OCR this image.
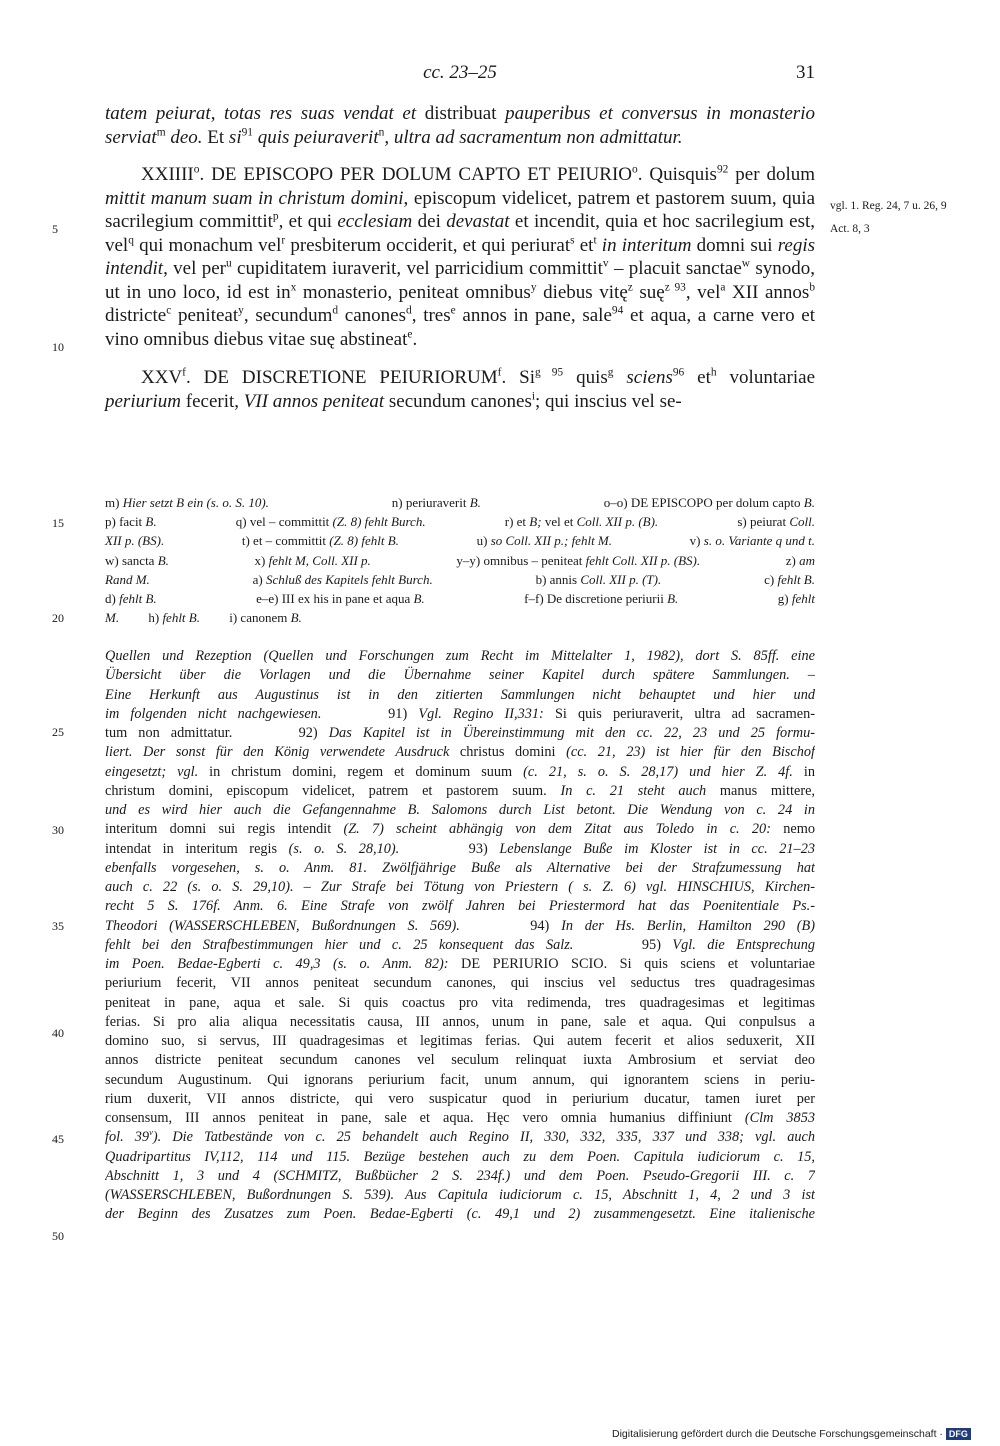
cc. 23–25	31
5
10
15
20
25
30
35
40
45
50
vgl. 1. Reg. 24, 7 u. 26, 9
Act. 8, 3

tatem peiurat, totas res suas vendat et distribuat pauperibus et conversus in monasterio serviat$^m$ deo. Et $si^{91}$ quis peiuraverit$^n$, ultra ad sacramentum non admittatur.

XXIIII$^o$. DE EPISCOPO PER DOLUM CAPTO ET PEIURIO$^o$. Quisquis$^{92}$ per dolum mittit manum suam in christum domini, episcopum videlicet, patrem et pastorem suum, quia sacrilegium committit$^p$, et qui ecclesiam dei devastat et incendit, quia et hoc sacrilegium est, vel$^q$ qui monachum vel$^r$ presbiterum occiderit, et qui periurat$^s$ $et^t$ in interitum domni sui regis intendit, vel per$^u$ cupiditatem iuraverit, vel parricidium committit$^v$ – placuit sanctae$^w$ synodo, ut in uno loco, id est $in^x$ monasterio, peniteat omnibus$^y$ diebus vitę$^z$ suę$^{z 93}$, vel$^a$ XII annos$^b$ districte$^c$ peniteat$^y$, secundum$^d$ canones$^d$, tres$^e$ annos in pane, sale$^{94}$ et aqua, a carne vero et vino omnibus diebus vitae suę abstineat$^e$.

XXV$^f$. DE DISCRETIONE PEIURIORUM$^f$. $Si^{g 95}$ quis$^g$ sciens$^{96}$ $et^h$ voluntariae periurium fecerit, VII annos peniteat secundum canones$^i$; qui inscius vel se-

m) Hier setzt B ein (s. o. S. 10).	n) periuraverit B.	o–o) DE EPISCOPO per dolum capto B.
p) facit B.	q) vel – committit (Z. 8) fehlt Burch.	r) et B; vel et Coll. XII p. (B).	s) peiurat Coll.
XII p. (BS).	t) et – committit (Z. 8) fehlt B.	u) so Coll. XII p.; fehlt M.	v) s. o. Variante q und t.
w) sancta B.	x) fehlt M, Coll. XII p.	y–y) omnibus – peniteat fehlt Coll. XII p. (BS).	z) am
Rand M.	a) Schluß des Kapitels fehlt Burch.	b) annis Coll. XII p. (T).	c) fehlt B.
d) fehlt B.	e–e) III ex his in pane et aqua B.	f–f) De discretione periurii B.	g) fehlt
M.         h) fehlt B.         i) canonem B.
Quellen und Rezeption (Quellen und Forschungen zum Recht im Mittelalter 1, 1982), dort S. 85ff. eine
Übersicht über die Vorlagen und die Übernahme seiner Kapitel durch spätere Sammlungen. –
Eine Herkunft aus Augustinus ist in den zitierten Sammlungen nicht behauptet und hier und
im folgenden nicht nachgewiesen.      91) Vgl. Regino II,331: Si quis periuraverit, ultra ad sacramen-
tum non admittatur.      92) Das Kapitel ist in Übereinstimmung mit den cc. 22, 23 und 25 formu-
liert. Der sonst für den König verwendete Ausdruck christus domini (cc. 21, 23) ist hier für den Bischof
eingesetzt; vgl. in christum domini, regem et dominum suum (c. 21, s. o. S. 28,17) und hier Z. 4f. in
christum domini, episcopum videlicet, patrem et pastorem suum. In c. 21 steht auch manus mittere,
und es wird hier auch die Gefangennahme B. Salomons durch List betont. Die Wendung von c. 24 in
interitum domni sui regis intendit (Z. 7) scheint abhängig von dem Zitat aus Toledo in c. 20: nemo
intendat in interitum regis (s. o. S. 28,10).      93) Lebenslange Buße im Kloster ist in cc. 21–23
ebenfalls vorgesehen, s. o. Anm. 81. Zwölfjährige Buße als Alternative bei der Strafzumessung hat
auch c. 22 (s. o. S. 29,10). – Zur Strafe bei Tötung von Priestern ( s. Z. 6) vgl. HINSCHIUS, Kirchen-
recht 5 S. 176f. Anm. 6. Eine Strafe von zwölf Jahren bei Priestermord hat das Poenitentiale Ps.-
Theodori (WASSERSCHLEBEN, Bußordnungen S. 569).      94) In der Hs. Berlin, Hamilton 290 (B)
fehlt bei den Strafbestimmungen hier und c. 25 konsequent das Salz.      95) Vgl. die Entsprechung
im Poen. Bedae-Egberti c. 49,3 (s. o. Anm. 82): DE PERIURIO SCIO. Si quis sciens et voluntariae
periurium fecerit, VII annos peniteat secundum canones, qui inscius vel seductus tres quadragesimas
peniteat in pane, aqua et sale. Si quis coactus pro vita redimenda, tres quadragesimas et legitimas
ferias. Si pro alia aliqua necessitatis causa, III annos, unum in pane, sale et aqua. Qui conpulsus a
domino suo, si servus, III quadragesimas et legitimas ferias. Qui autem fecerit et alios seduxerit, XII
annos districte peniteat secundum canones vel seculum relinquat iuxta Ambrosium et serviat deo
secundum Augustinum. Qui ignorans periurium facit, unum annum, qui ignorantem sciens in periu-
rium duxerit, VII annos districte, qui vero suspicatur quod in periurium ducatur, tamen iuret per
consensum, III annos peniteat in pane, sale et aqua. Hęc vero omnia humanius diffiniunt (Clm 3853
fol. 39$^v$). Die Tatbestände von c. 25 behandelt auch Regino II, 330, 332, 335, 337 und 338; vgl. auch
Quadripartitus IV,112, 114 und 115. Bezüge bestehen auch zu dem Poen. Capitula iudiciorum c. 15,
Abschnitt 1, 3 und 4 (SCHMITZ, Bußbücher 2 S. 234f.) und dem Poen. Pseudo-Gregorii III. c. 7
(WASSERSCHLEBEN, Bußordnungen S. 539). Aus Capitula iudiciorum c. 15, Abschnitt 1, 4, 2 und 3 ist
der Beginn des Zusatzes zum Poen. Bedae-Egberti (c. 49,1 und 2) zusammengesetzt. Eine italienische
Digitalisierung gefördert durch die Deutsche Forschungsgemeinschaft · DFG
